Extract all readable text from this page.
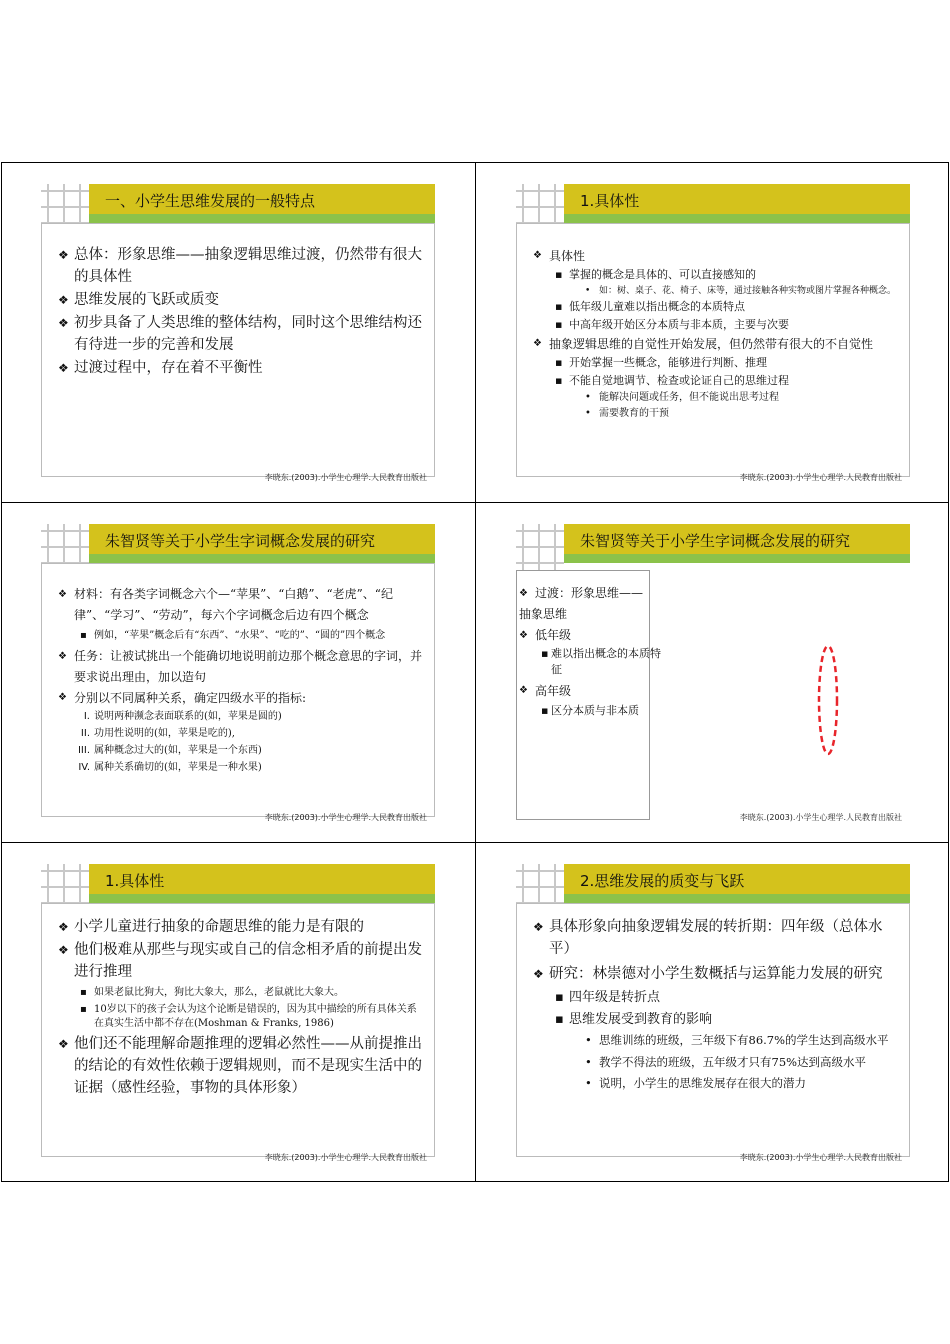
一、小学生思维发展的一般特点
❖ 总体：形象思维——抽象逻辑思维过渡，仍然带有很大的具体性
❖ 思维发展的飞跃或质变
❖ 初步具备了人类思维的整体结构，同时这个思维结构还有待进一步的完善和发展
❖ 过渡过程中，存在着不平衡性
李晓东.(2003).小学生心理学.人民教育出版社
1.具体性
❖ 具体性
▪ 掌握的概念是具体的、可以直接感知的
• 如：树、桌子、花、椅子、床等，通过接触各种实物或图片掌握各种概念。
▪ 低年级儿童难以指出概念的本质特点
▪ 中高年级开始区分本质与非本质，主要与次要
❖ 抽象逻辑思维的自觉性开始发展，但仍然带有很大的不自觉性
▪ 开始掌握一些概念，能够进行判断、推理
▪ 不能自觉地调节、检查或论证自己的思维过程
• 能解决问题或任务，但不能说出思考过程
• 需要教育的干预
李晓东.(2003).小学生心理学.人民教育出版社
朱智贤等关于小学生字词概念发展的研究
❖ 材料：有各类字词概念六个—“苹果”、“白鹅”、“老虎”、“纪律”、“学习”、“劳动”，每六个字词概念后边有四个概念
▪ 例如，“苹果”概念后有“东西”、“水果”、“吃的”、“圆的”四个概念
❖ 任务：让被试挑出一个能确切地说明前边那个概念意思的字词，并要求说出理由，加以造句
❖ 分别以不同属种关系，确定四级水平的指标:
I. 说明两种濒念表面联系的(如，苹果是圆的)
II. 功用性说明的(如，苹果是吃的),
III. 属种概念过大的(如，苹果是一个东西)
IV. 属种关系确切的(如，苹果是一种水果)
李晓东.(2003).小学生心理学.人民教育出版社
朱智贤等关于小学生字词概念发展的研究
❖ 过渡：形象思维——
抽象思维
❖ 低年级
▪ 难以指出概念的本质特征
❖ 高年级
▪ 区分本质与非本质
李晓东.(2003).小学生心理学.人民教育出版社
1.具体性
❖ 小学儿童进行抽象的命题思维的能力是有限的
❖ 他们极难从那些与现实或自己的信念相矛盾的前提出发进行推理
▪ 如果老鼠比狗大，狗比大象大，那么，老鼠就比大象大。
▪ 10岁以下的孩子会认为这个论断是错误的，因为其中描绘的所有具体关系在真实生活中都不存在(Moshman & Franks, 1986)
❖ 他们还不能理解命题推理的逻辑必然性——从前提推出的结论的有效性依赖于逻辑规则，而不是现实生活中的证据（感性经验，事物的具体形象）
李晓东.(2003).小学生心理学.人民教育出版社
2.思维发展的质变与飞跃
❖ 具体形象向抽象逻辑发展的转折期：四年级（总体水平）
❖ 研究：林崇德对小学生数概括与运算能力发展的研究
▪ 四年级是转折点
▪ 思维发展受到教育的影响
• 思维训练的班级，三年级下有86.7%的学生达到高级水平
• 教学不得法的班级，五年级才只有75%达到高级水平
• 说明，小学生的思维发展存在很大的潜力
李晓东.(2003).小学生心理学.人民教育出版社
